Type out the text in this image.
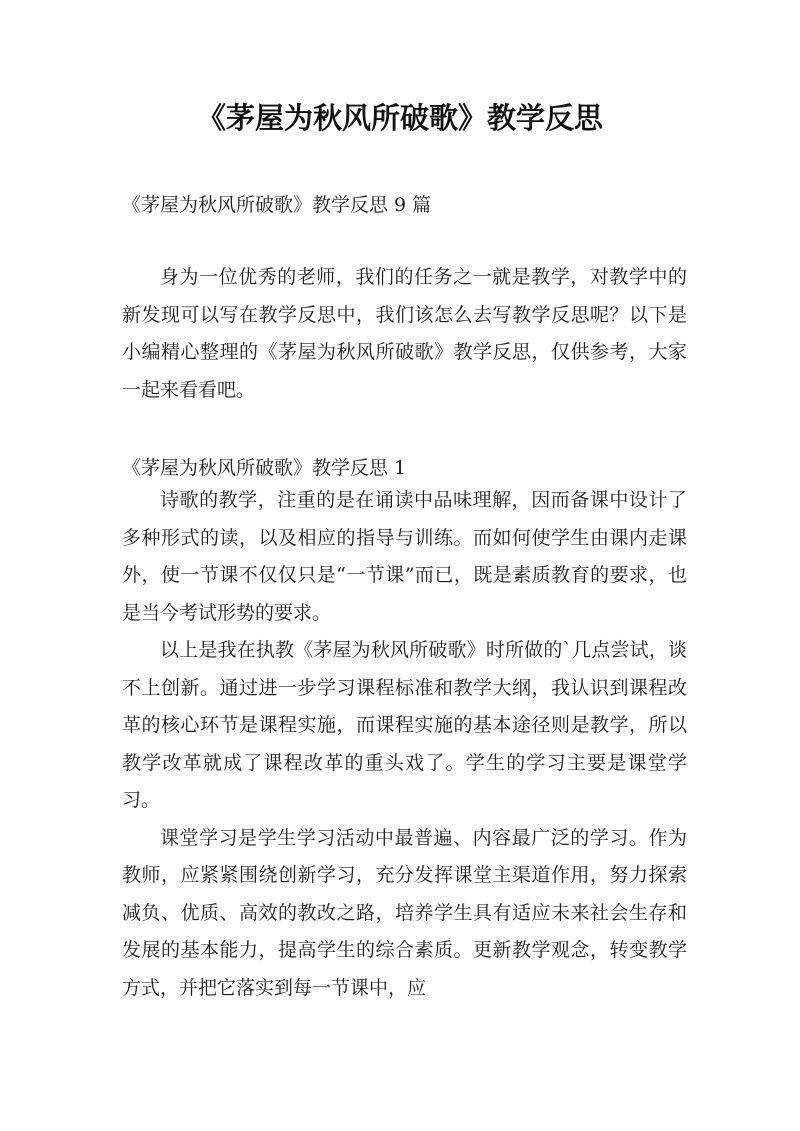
《茅屋为秋风所破歌》教学反思
《茅屋为秋风所破歌》教学反思 9 篇

身为一位优秀的老师，我们的任务之一就是教学，对教学中的新发现可以写在教学反思中，我们该怎么去写教学反思呢？以下是小编精心整理的《茅屋为秋风所破歌》教学反思，仅供参考，大家一起来看看吧。

《茅屋为秋风所破歌》教学反思 1

诗歌的教学，注重的是在诵读中品味理解，因而备课中设计了多种形式的读，以及相应的指导与训练。而如何使学生由课内走课外，使一节课不仅仅只是“一节课”而已，既是素质教育的要求，也是当今考试形势的要求。

以上是我在执教《茅屋为秋风所破歌》时所做的`几点尝试，谈不上创新。通过进一步学习课程标准和教学大纲，我认识到课程改革的核心环节是课程实施，而课程实施的基本途径则是教学，所以教学改革就成了课程改革的重头戏了。学生的学习主要是课堂学习。

课堂学习是学生学习活动中最普遍、内容最广泛的学习。作为教师，应紧紧围绕创新学习，充分发挥课堂主渠道作用，努力探索减负、优质、高效的教改之路，培养学生具有适应未来社会生存和发展的基本能力，提高学生的综合素质。更新教学观念，转变教学方式，并把它落实到每一节课中，应
